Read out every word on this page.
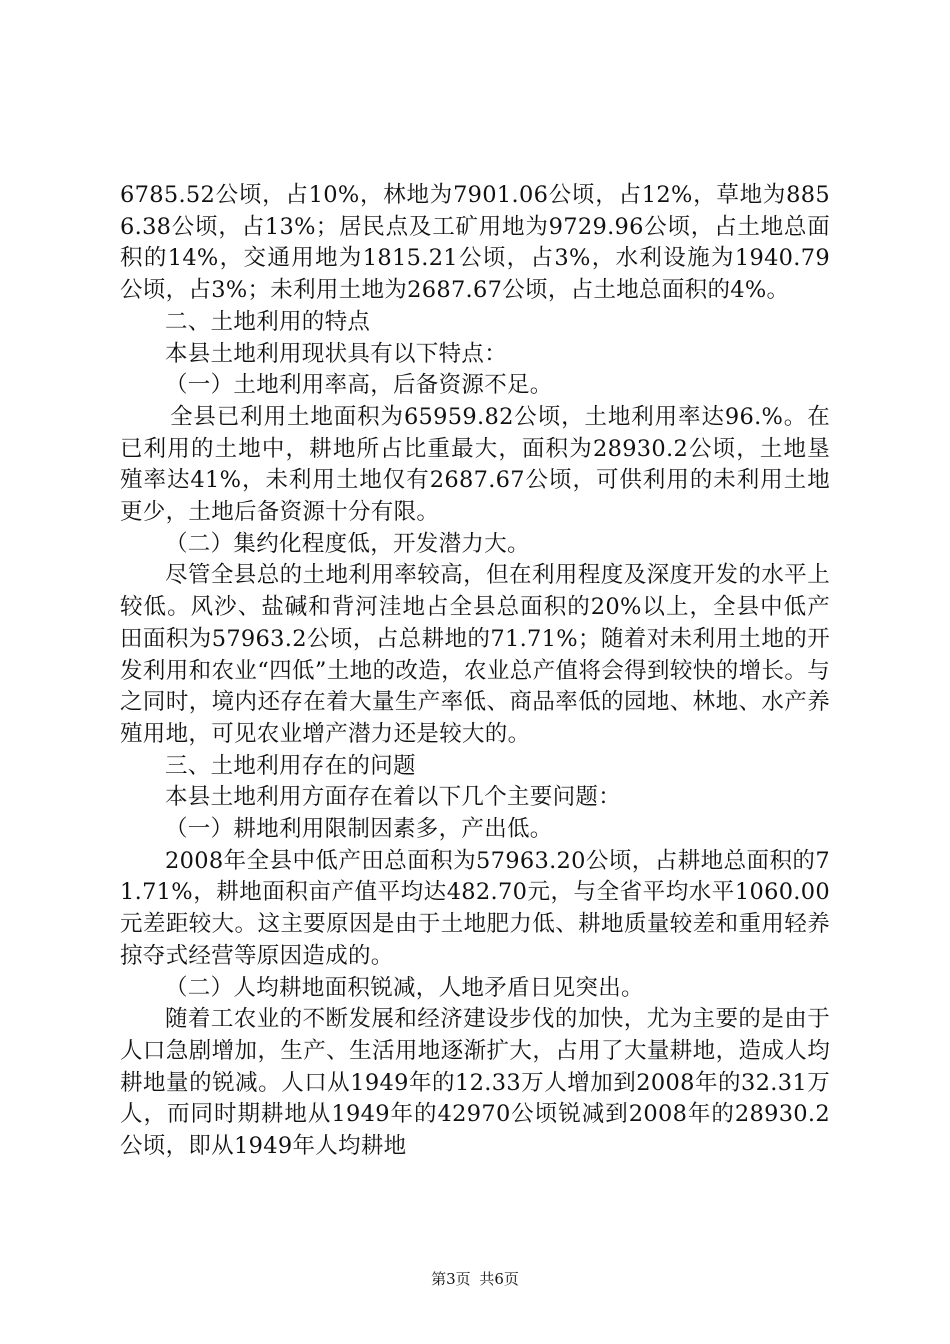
6785.52公顷，占10%，林地为7901.06公顷，占12%，草地为8856.38公顷，占13%；居民点及工矿用地为9729.96公顷，占土地总面积的14%，交通用地为1815.21公顷，占3%，水利设施为1940.79公顷，占3%；未利用土地为2687.67公顷，占土地总面积的4%。

二、土地利用的特点

本县土地利用现状具有以下特点：

（一）土地利用率高，后备资源不足。

全县已利用土地面积为65959.82公顷，土地利用率达96.%。在已利用的土地中，耕地所占比重最大，面积为28930.2公顷，土地垦殖率达41%，未利用土地仅有2687.67公顷，可供利用的未利用土地更少，土地后备资源十分有限。

（二）集约化程度低，开发潜力大。

尽管全县总的土地利用率较高，但在利用程度及深度开发的水平上较低。风沙、盐碱和背河洼地占全县总面积的20%以上，全县中低产田面积为57963.2公顷，占总耕地的71.71%；随着对未利用土地的开发利用和农业“四低”土地的改造，农业总产值将会得到较快的增长。与之同时，境内还存在着大量生产率低、商品率低的园地、林地、水产养殖用地，可见农业增产潜力还是较大的。

三、土地利用存在的问题

本县土地利用方面存在着以下几个主要问题：

（一）耕地利用限制因素多，产出低。

2008年全县中低产田总面积为57963.20公顷，占耕地总面积的71.71%，耕地面积亩产值平均达482.70元，与全省平均水平1060.00元差距较大。这主要原因是由于土地肥力低、耕地质量较差和重用轻养掠夺式经营等原因造成的。

（二）人均耕地面积锐减，人地矛盾日见突出。

随着工农业的不断发展和经济建设步伐的加快，尤为主要的是由于人口急剧增加，生产、生活用地逐渐扩大，占用了大量耕地，造成人均耕地量的锐减。人口从1949年的12.33万人增加到2008年的32.31万人，而同时期耕地从1949年的42970公顷锐减到2008年的28930.2公顷，即从1949年人均耕地

第3页 共6页
